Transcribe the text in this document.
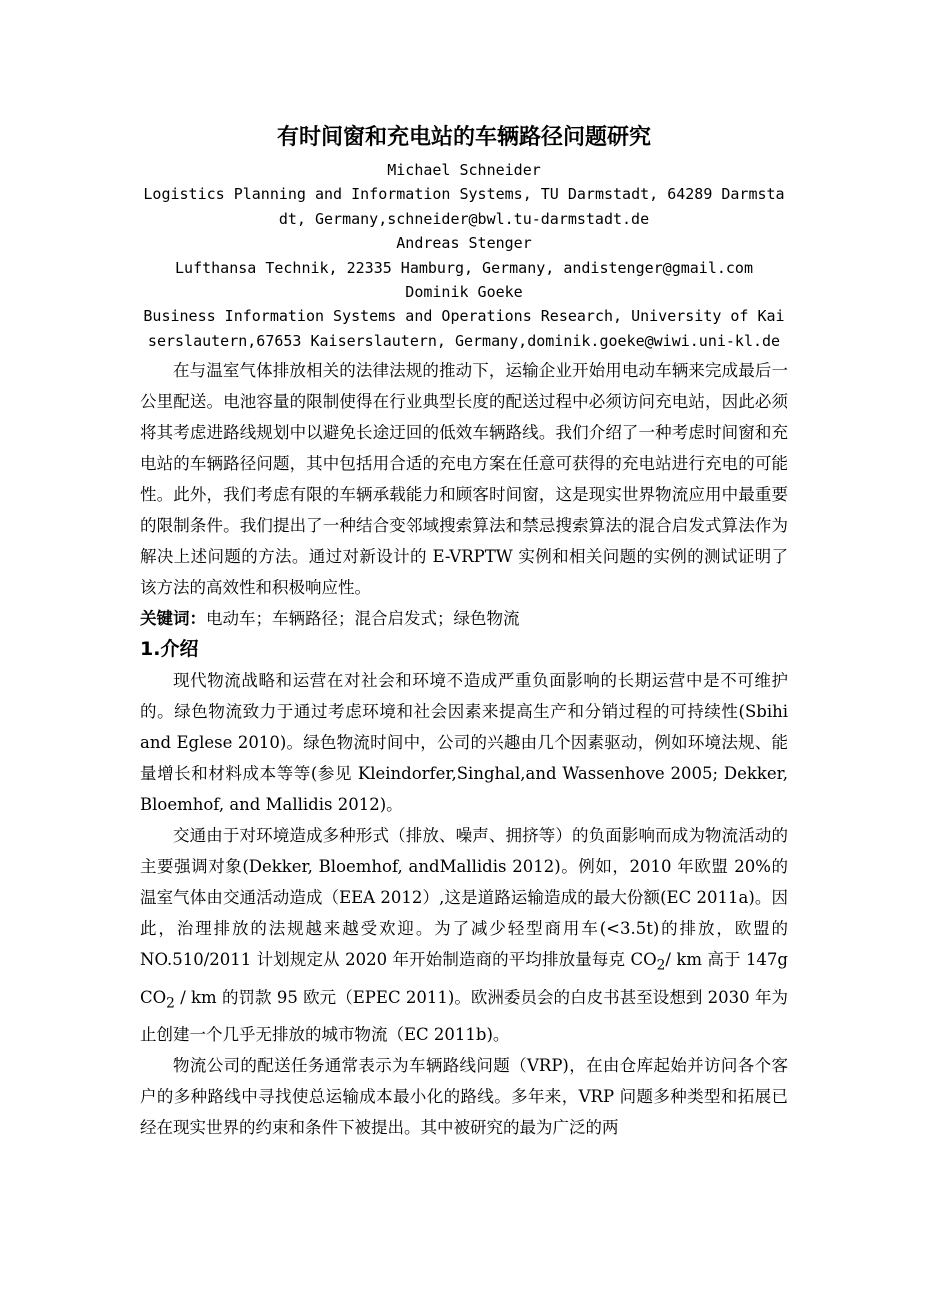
有时间窗和充电站的车辆路径问题研究

Michael Schneider

Logistics Planning and Information Systems, TU Darmstadt, 64289 Darmstadt, Germany,schneider@bwl.tu-darmstadt.de

Andreas Stenger

Lufthansa Technik, 22335 Hamburg, Germany, andistenger@gmail.com

Dominik Goeke

Business Information Systems and Operations Research, University of Kaiserslautern,67653 Kaiserslautern, Germany,dominik.goeke@wiwi.uni-kl.de

在与温室气体排放相关的法律法规的推动下，运输企业开始用电动车辆来完成最后一公里配送。电池容量的限制使得在行业典型长度的配送过程中必须访问充电站，因此必须将其考虑进路线规划中以避免长途迂回的低效车辆路线。我们介绍了一种考虑时间窗和充电站的车辆路径问题，其中包括用合适的充电方案在任意可获得的充电站进行充电的可能性。此外，我们考虑有限的车辆承载能力和顾客时间窗，这是现实世界物流应用中最重要的限制条件。我们提出了一种结合变邻域搜索算法和禁忌搜索算法的混合启发式算法作为解决上述问题的方法。通过对新设计的 E-VRPTW 实例和相关问题的实例的测试证明了该方法的高效性和积极响应性。

关键词：电动车；车辆路径；混合启发式；绿色物流

1.介绍

现代物流战略和运营在对社会和环境不造成严重负面影响的长期运营中是不可维护的。绿色物流致力于通过考虑环境和社会因素来提高生产和分销过程的可持续性(Sbihi and Eglese 2010)。绿色物流时间中，公司的兴趣由几个因素驱动，例如环境法规、能量增长和材料成本等等(参见 Kleindorfer,Singhal,and Wassenhove 2005; Dekker, Bloemhof, and Mallidis 2012)。

交通由于对环境造成多种形式（排放、噪声、拥挤等）的负面影响而成为物流活动的主要强调对象(Dekker, Bloemhof, andMallidis 2012)。例如，2010 年欧盟 20%的温室气体由交通活动造成（EEA 2012）,这是道路运输造成的最大份额(EC 2011a)。因此，治理排放的法规越来越受欢迎。为了减少轻型商用车(<3.5t)的排放，欧盟的 NO.510/2011 计划规定从 2020 年开始制造商的平均排放量每克 $CO_2/$ km 高于 147g $CO_2$ / km 的罚款 95 欧元（EPEC 2011)。欧洲委员会的白皮书甚至设想到 2030 年为止创建一个几乎无排放的城市物流（EC 2011b)。

物流公司的配送任务通常表示为车辆路线问题（VRP)，在由仓库起始并访问各个客户的多种路线中寻找使总运输成本最小化的路线。多年来，VRP 问题多种类型和拓展已经在现实世界的约束和条件下被提出。其中被研究的最为广泛的两
